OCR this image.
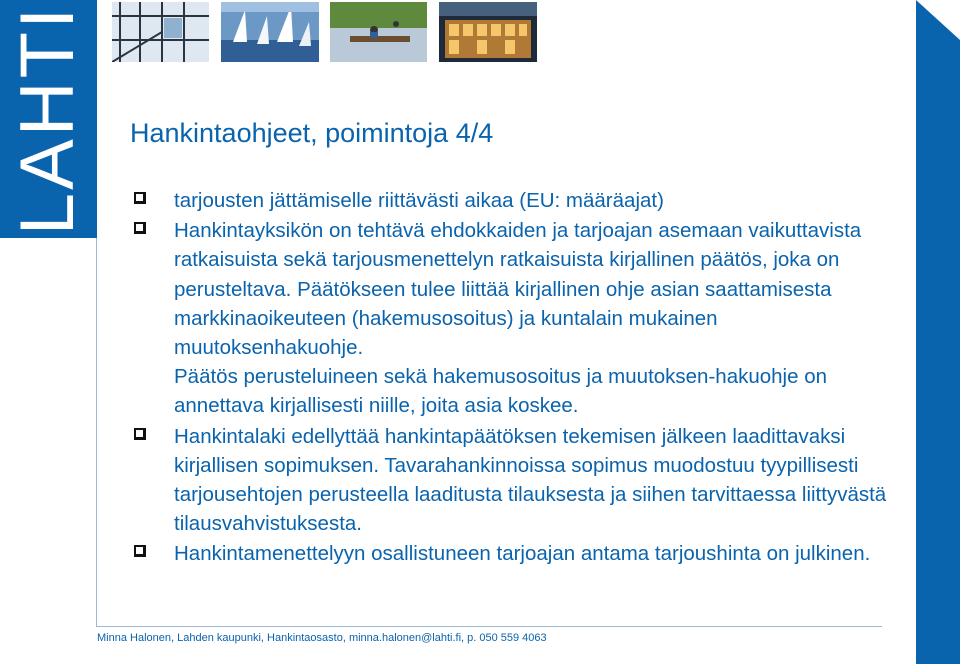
LAHTI Hankintaohjeet, poimintoja 4/4
tarjousten jättämiselle riittävästi aikaa (EU: määräajat)
Hankintayksikön on tehtävä ehdokkaiden ja tarjoajan asemaan vaikuttavista ratkaisuista sekä tarjousmenettelyn ratkaisuista kirjallinen päätös, joka on perusteltava. Päätökseen tulee liittää kirjallinen ohje asian saattamisesta markkinaoikeuteen (hakemusosoitus) ja kuntalain mukainen muutoksenhakuohje.
Päätös perusteluineen sekä hakemusosoitus ja muutoksen-hakuohje on annettava kirjallisesti niille, joita asia koskee.
Hankintalaki edellyttää hankintapäätöksen tekemisen jälkeen laadittavaksi kirjallisen sopimuksen. Tavarahankinnoissa sopimus muodostuu tyypillisesti tarjousehtojen perusteella laaditusta tilauksesta ja siihen tarvittaessa liittyvästä tilausvahvistuksesta.
Hankintamenettelyyn osallistuneen tarjoajan antama tarjoushinta on julkinen.
Minna Halonen, Lahden kaupunki, Hankintaosasto, minna.halonen@lahti.fi, p. 050 559 4063
